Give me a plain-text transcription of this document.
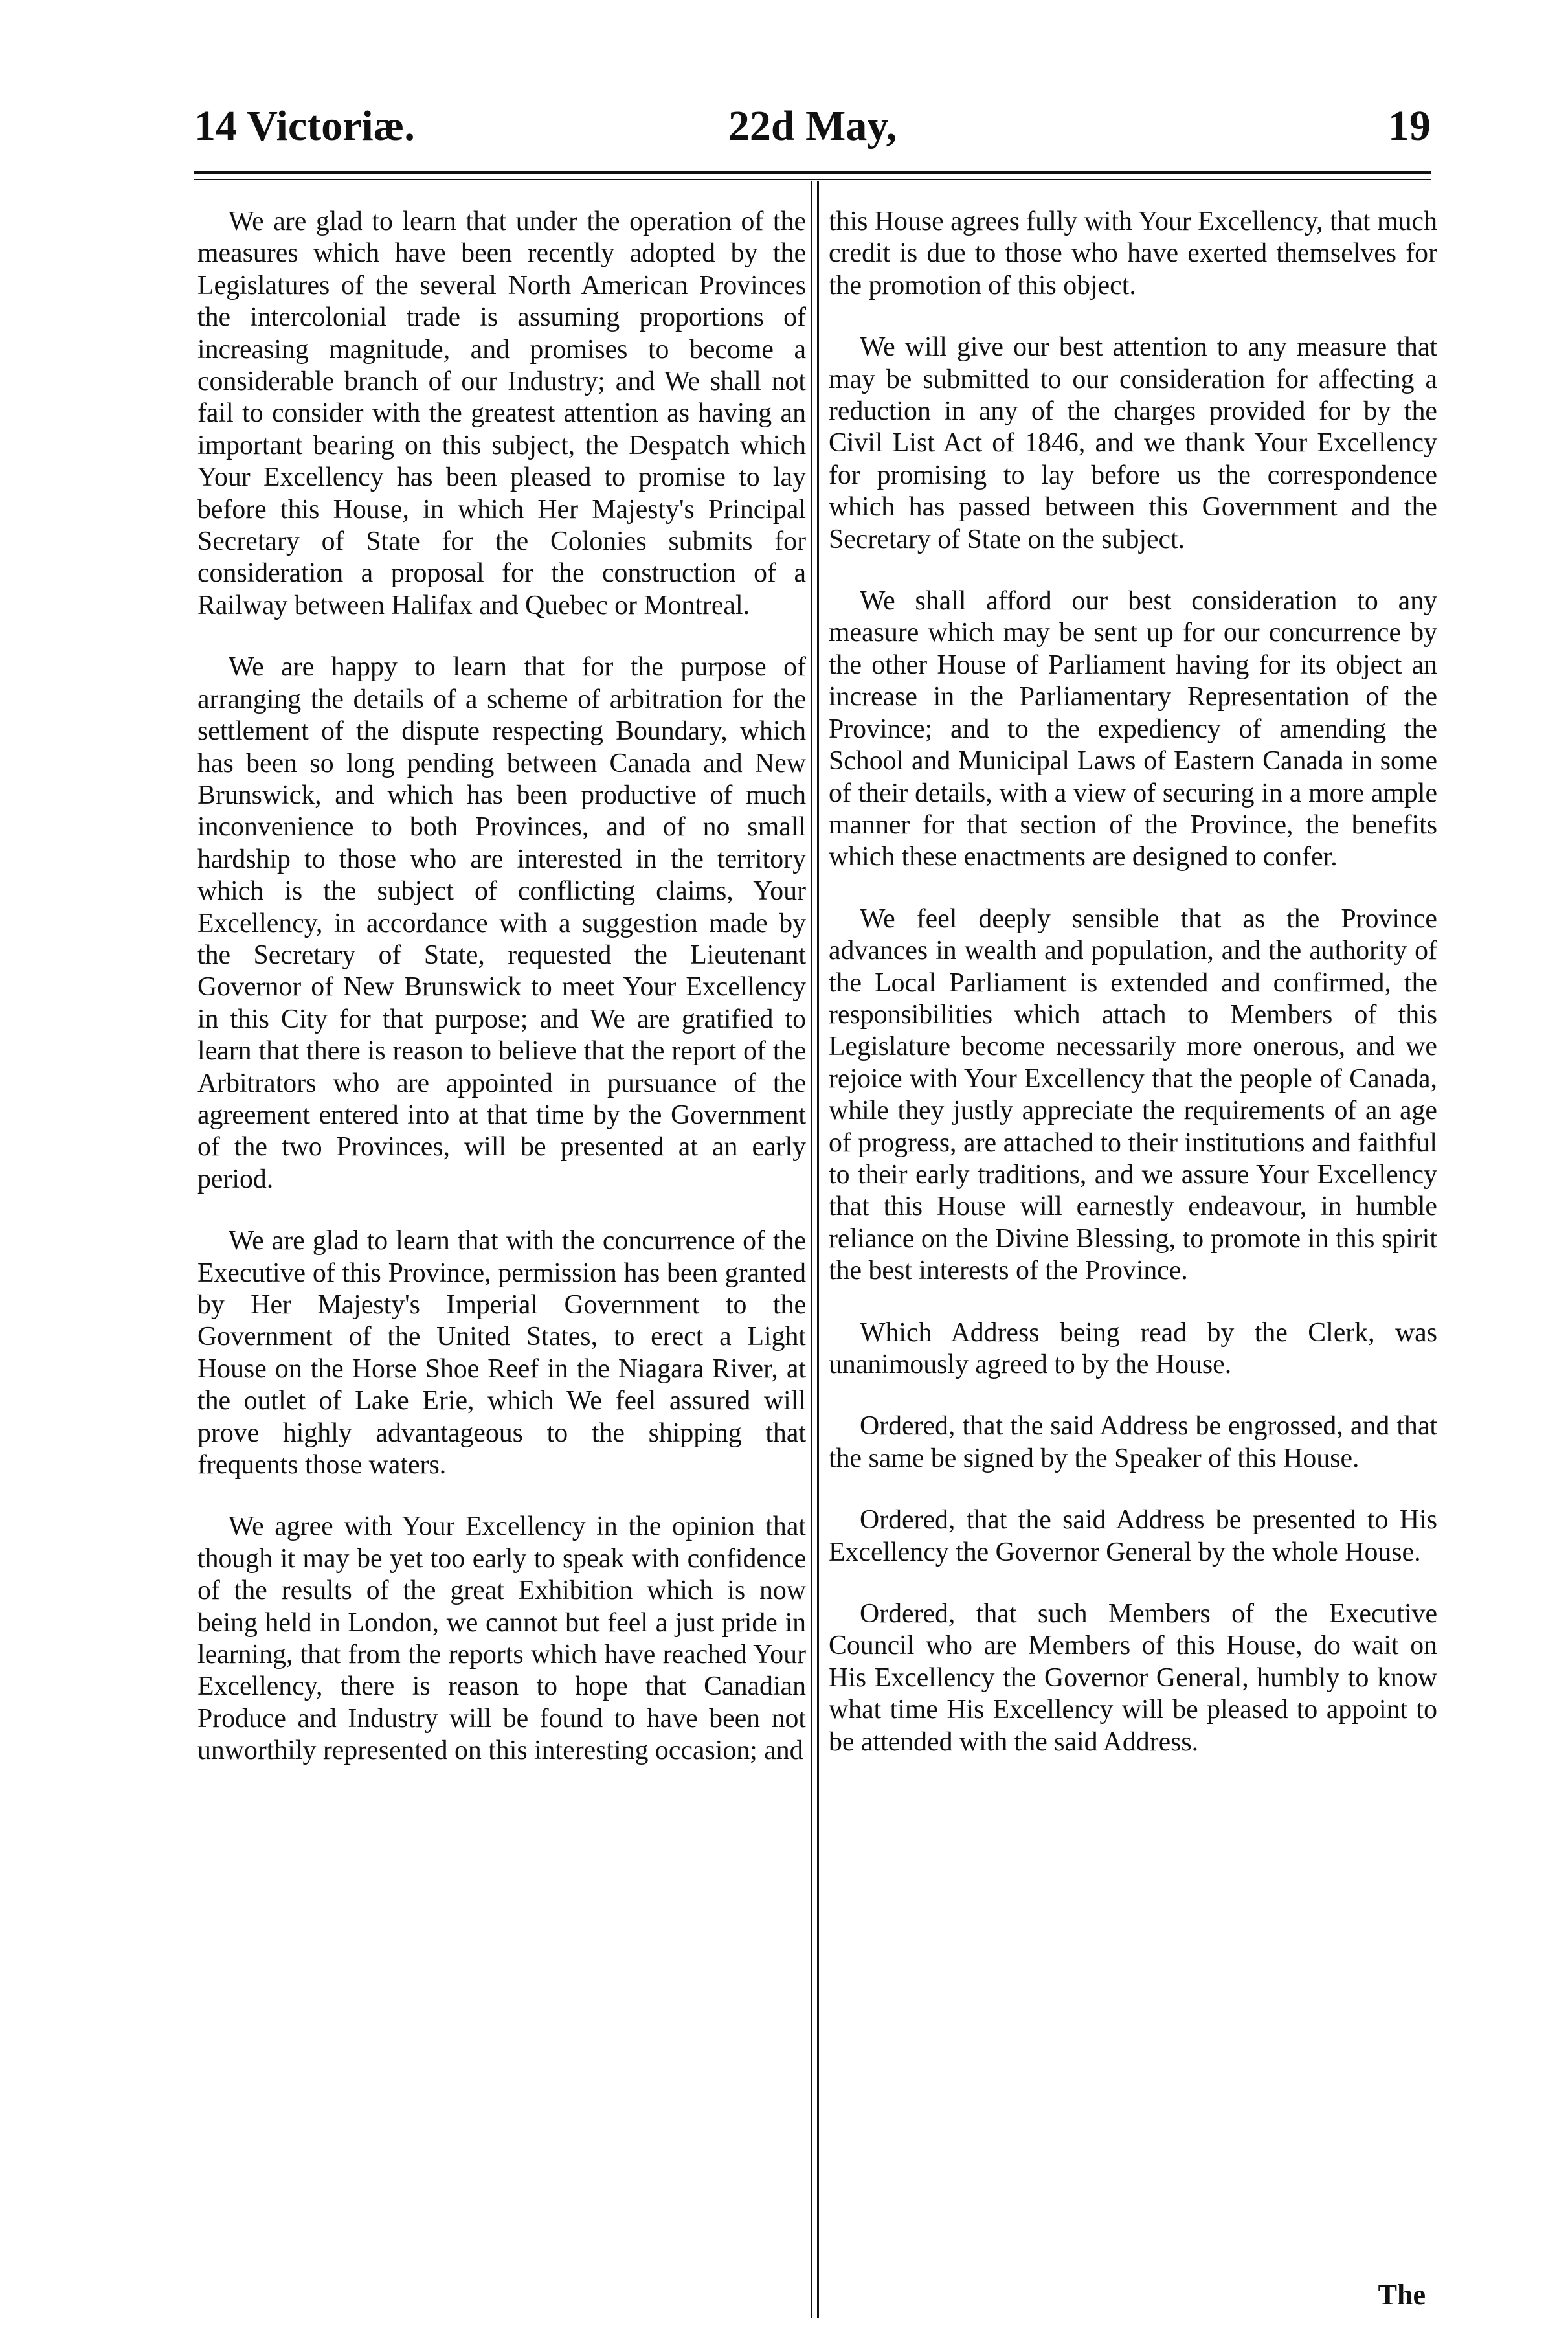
14 Victoriæ.	22d May,	19

We are glad to learn that under the operation of the measures which have been recently adopted by the Legislatures of the several North American Provinces the intercolonial trade is assuming proportions of increasing magnitude, and promises to become a considerable branch of our Industry; and We shall not fail to consider with the greatest attention as having an important bearing on this subject, the Despatch which Your Excellency has been pleased to promise to lay before this House, in which Her Majesty's Principal Secretary of State for the Colonies submits for consideration a proposal for the construction of a Railway between Halifax and Quebec or Montreal.

We are happy to learn that for the purpose of arranging the details of a scheme of arbitration for the settlement of the dispute respecting Boundary, which has been so long pending between Canada and New Brunswick, and which has been productive of much inconvenience to both Provinces, and of no small hardship to those who are interested in the territory which is the subject of conflicting claims, Your Excellency, in accordance with a suggestion made by the Secretary of State, requested the Lieutenant Governor of New Brunswick to meet Your Excellency in this City for that purpose; and We are gratified to learn that there is reason to believe that the report of the Arbitrators who are appointed in pursuance of the agreement entered into at that time by the Government of the two Provinces, will be presented at an early period.

We are glad to learn that with the concurrence of the Executive of this Province, permission has been granted by Her Majesty's Imperial Government to the Government of the United States, to erect a Light House on the Horse Shoe Reef in the Niagara River, at the outlet of Lake Erie, which We feel assured will prove highly advantageous to the shipping that frequents those waters.

We agree with Your Excellency in the opinion that though it may be yet too early to speak with confidence of the results of the great Exhibition which is now being held in London, we cannot but feel a just pride in learning, that from the reports which have reached Your Excellency, there is reason to hope that Canadian Produce and Industry will be found to have been not unworthily represented on this interesting occasion; and

this House agrees fully with Your Excellency, that much credit is due to those who have exerted themselves for the promotion of this object.

We will give our best attention to any measure that may be submitted to our consideration for affecting a reduction in any of the charges provided for by the Civil List Act of 1846, and we thank Your Excellency for promising to lay before us the correspondence which has passed between this Government and the Secretary of State on the subject.

We shall afford our best consideration to any measure which may be sent up for our concurrence by the other House of Parliament having for its object an increase in the Parliamentary Representation of the Province; and to the expediency of amending the School and Municipal Laws of Eastern Canada in some of their details, with a view of securing in a more ample manner for that section of the Province, the benefits which these enactments are designed to confer.

We feel deeply sensible that as the Province advances in wealth and population, and the authority of the Local Parliament is extended and confirmed, the responsibilities which attach to Members of this Legislature become necessarily more onerous, and we rejoice with Your Excellency that the people of Canada, while they justly appreciate the requirements of an age of progress, are attached to their institutions and faithful to their early traditions, and we assure Your Excellency that this House will earnestly endeavour, in humble reliance on the Divine Blessing, to promote in this spirit the best interests of the Province.

Which Address being read by the Clerk, was unanimously agreed to by the House.

Ordered, that the said Address be engrossed, and that the same be signed by the Speaker of this House.

Ordered, that the said Address be presented to His Excellency the Governor General by the whole House.

Ordered, that such Members of the Executive Council who are Members of this House, do wait on His Excellency the Governor General, humbly to know what time His Excellency will be pleased to appoint to be attended with the said Address.

The
